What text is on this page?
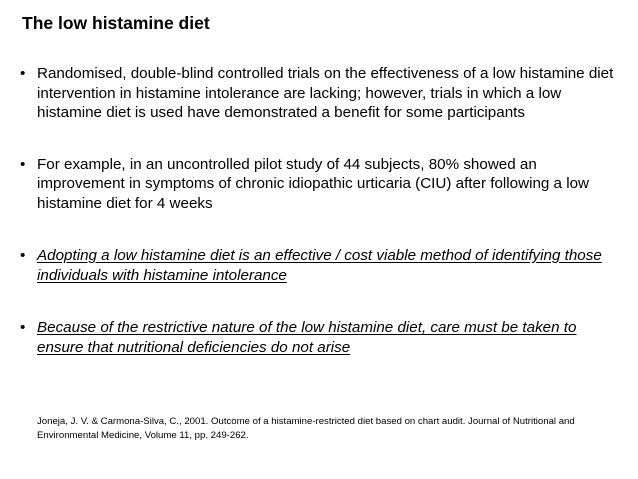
The low histamine diet
• Randomised, double-blind controlled trials on the effectiveness of a low histamine diet intervention in histamine intolerance are lacking; however, trials in which a low histamine diet is used have demonstrated a benefit for some participants
• For example, in an uncontrolled pilot study of 44 subjects, 80% showed an improvement in symptoms of chronic idiopathic urticaria (CIU) after following a low histamine diet for 4 weeks
• Adopting a low histamine diet is an effective / cost viable method of identifying those individuals with histamine intolerance
• Because of the restrictive nature of the low histamine diet, care must be taken to ensure that nutritional deficiencies do not arise
Joneja, J. V. & Carmona-Silva, C., 2001. Outcome of a histamine-restricted diet based on chart audit. Journal of Nutritional and Environmental Medicine, Volume 11, pp. 249-262.
